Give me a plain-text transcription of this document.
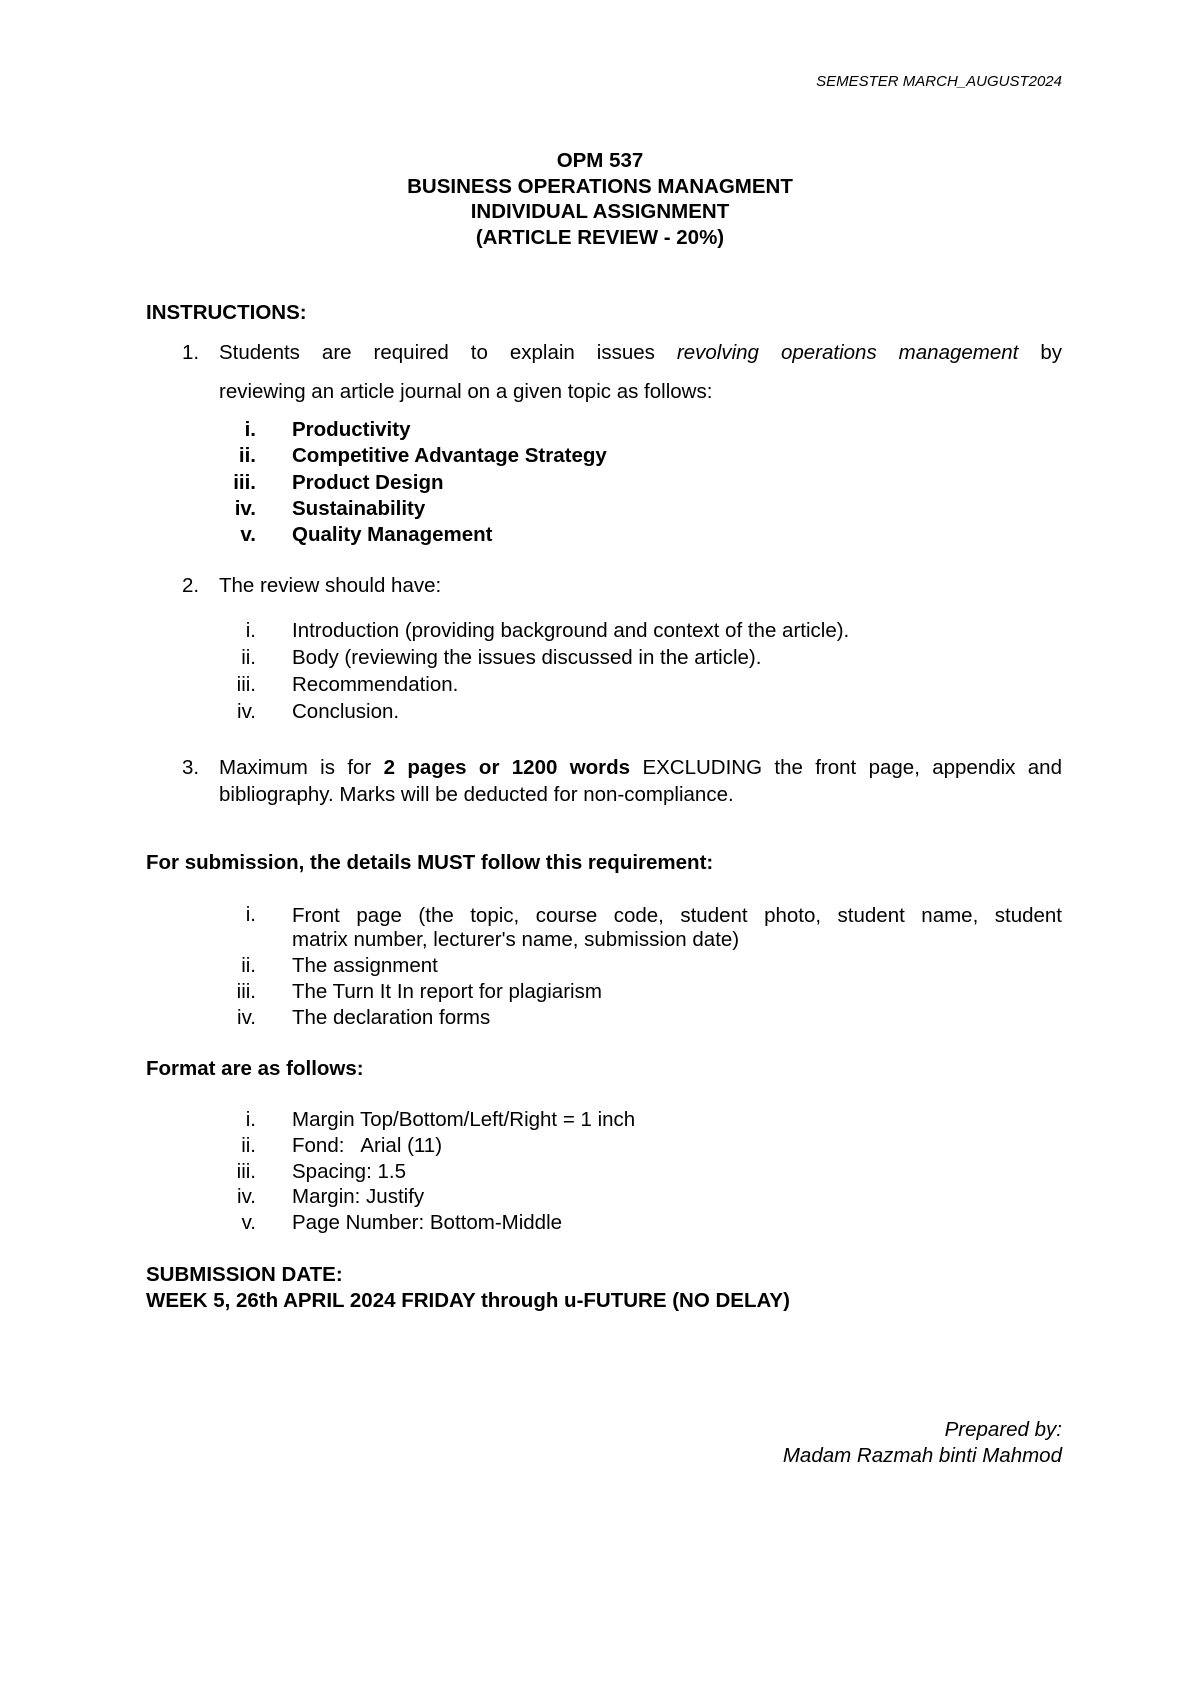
SEMESTER MARCH_AUGUST2024
OPM 537
BUSINESS OPERATIONS MANAGMENT
INDIVIDUAL ASSIGNMENT
(ARTICLE REVIEW - 20%)
INSTRUCTIONS:
1. Students are required to explain issues revolving operations management by
reviewing an article journal on a given topic as follows:
i. Productivity
ii. Competitive Advantage Strategy
iii. Product Design
iv. Sustainability
v. Quality Management
2. The review should have:
i. Introduction (providing background and context of the article).
ii. Body (reviewing the issues discussed in the article).
iii. Recommendation.
iv. Conclusion.
3. Maximum is for 2 pages or 1200 words EXCLUDING the front page, appendix and
bibliography. Marks will be deducted for non-compliance.
For submission, the details MUST follow this requirement:
i. Front page (the topic, course code, student photo, student name, student
matrix number, lecturer's name, submission date)
ii. The assignment
iii. The Turn It In report for plagiarism
iv. The declaration forms
Format are as follows:
i. Margin Top/Bottom/Left/Right = 1 inch
ii. Fond:   Arial (11)
iii. Spacing: 1.5
iv. Margin: Justify
v. Page Number: Bottom-Middle
SUBMISSION DATE:
WEEK 5, 26th APRIL 2024 FRIDAY through u-FUTURE (NO DELAY)
Prepared by:
Madam Razmah binti Mahmod
